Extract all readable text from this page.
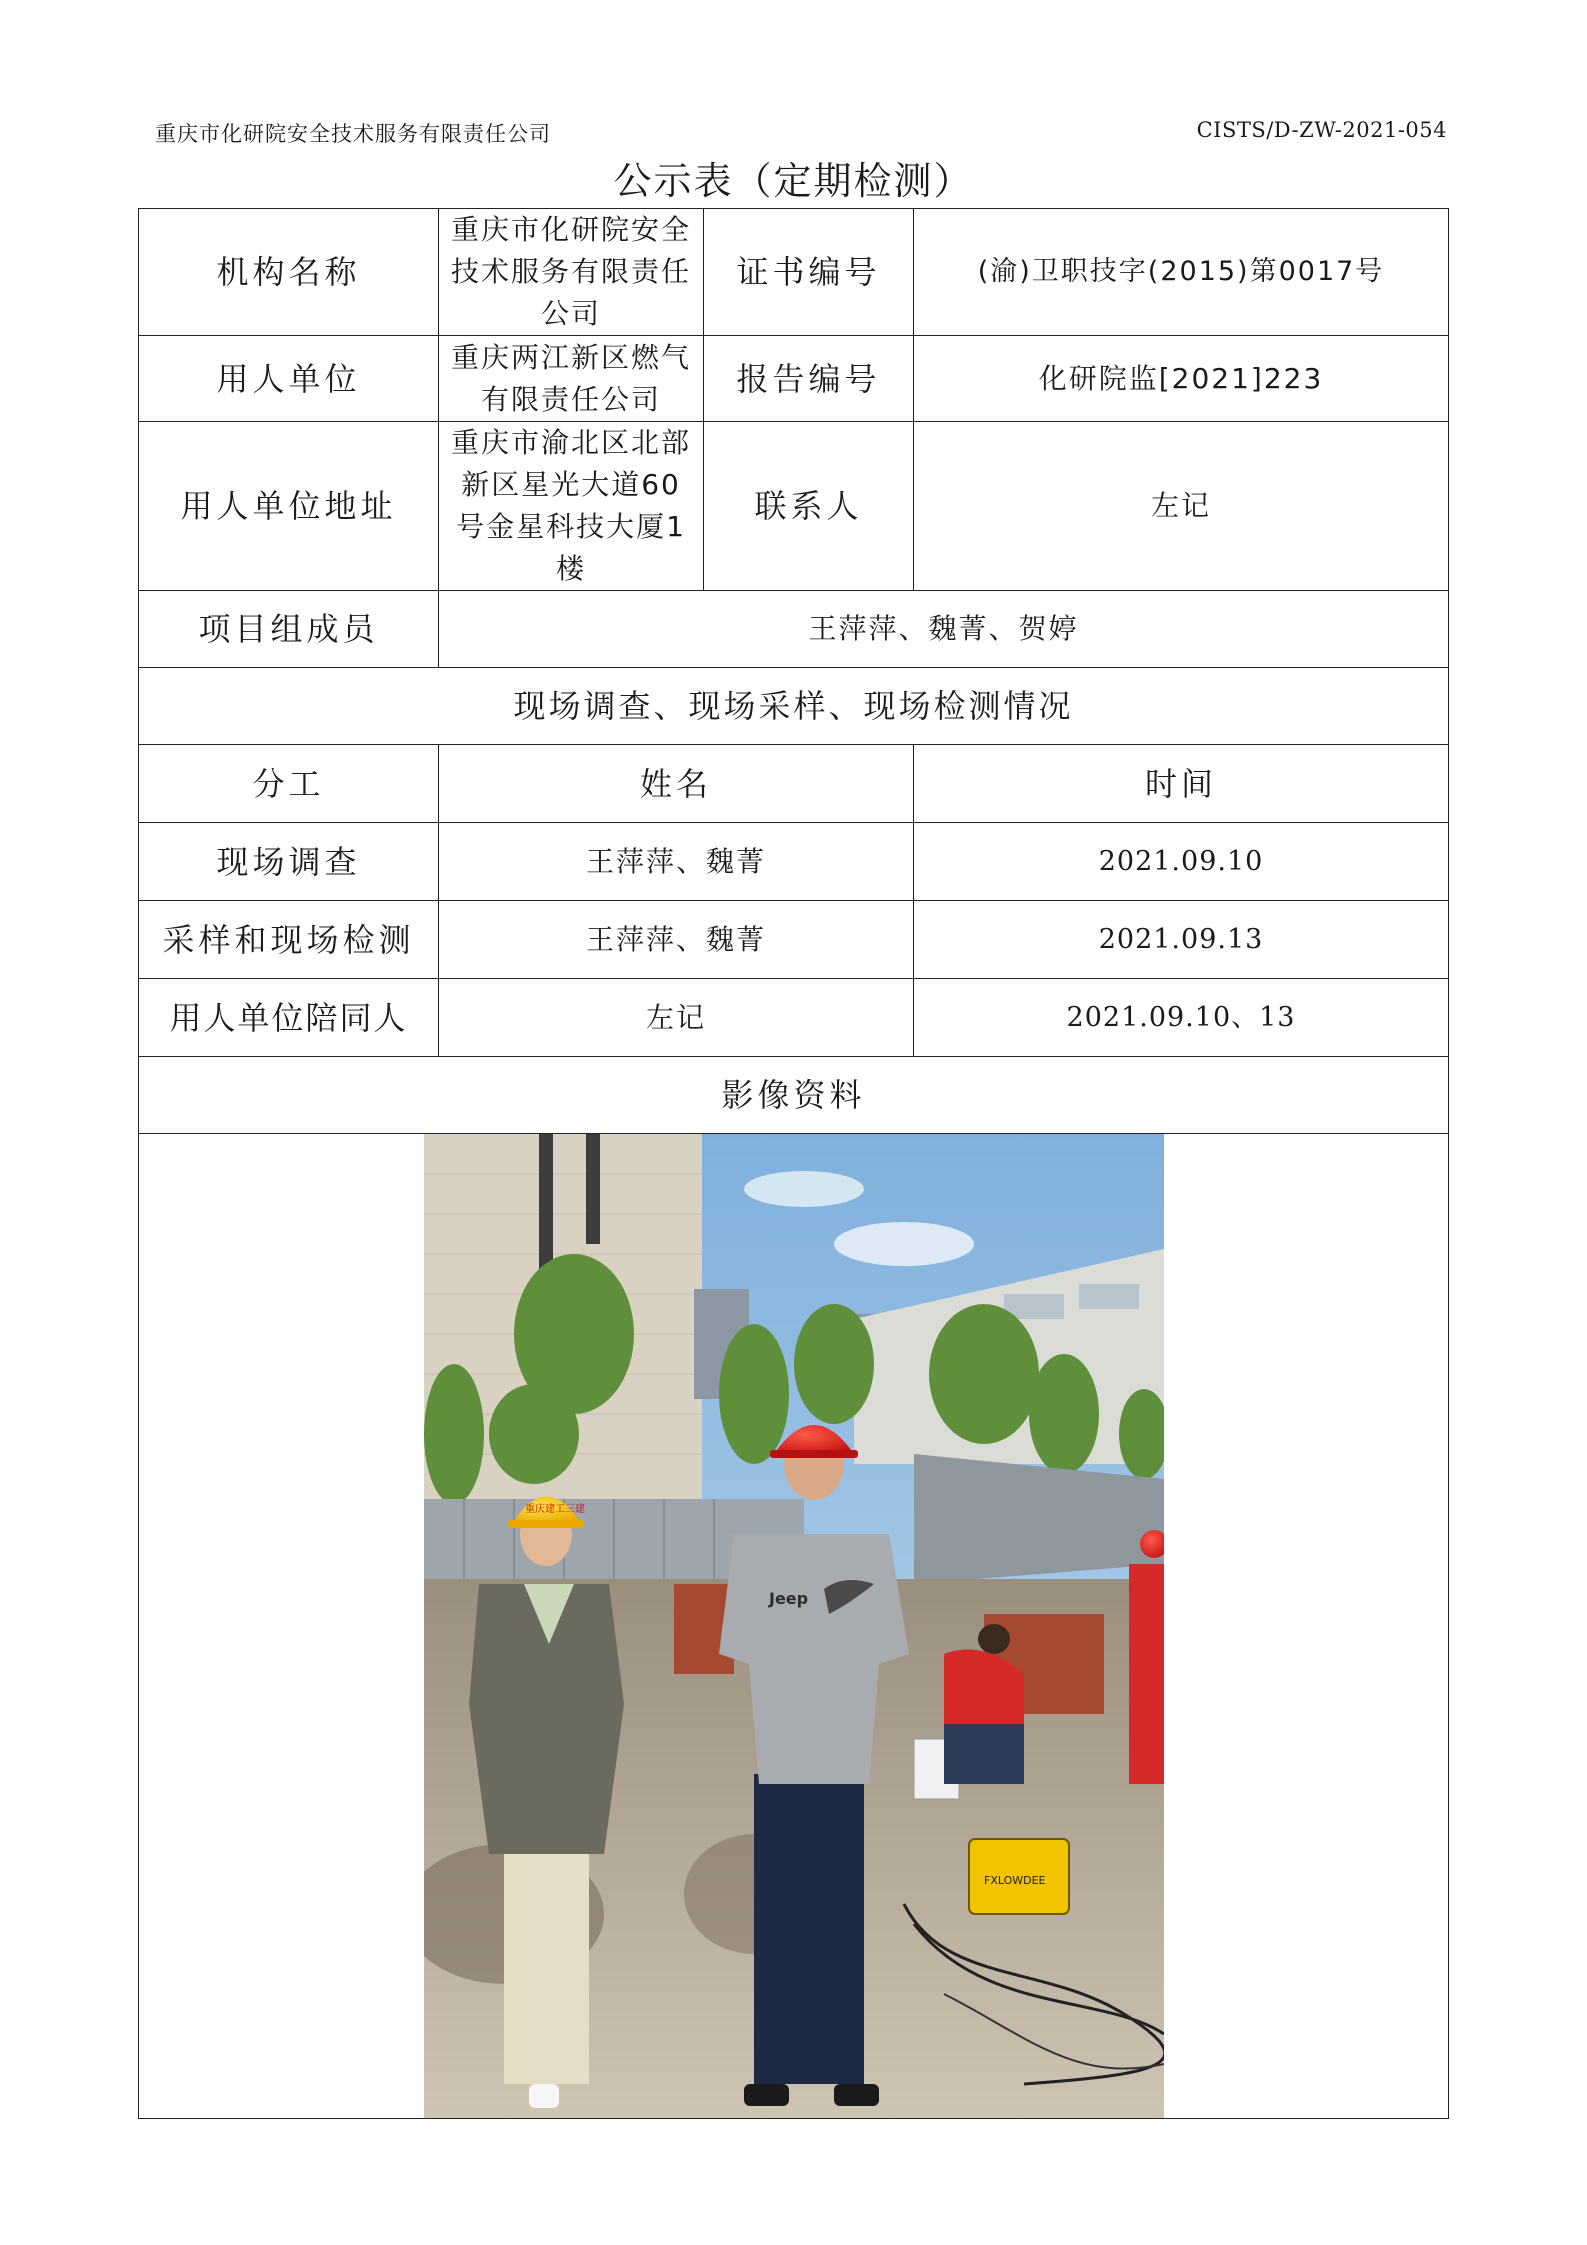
重庆市化研院安全技术服务有限责任公司	CISTS/D-ZW-2021-054
公示表（定期检测）
机构名称	重庆市化研院安全技术服务有限责任公司	证书编号	(渝)卫职技字(2015)第0017号
用人单位	重庆两江新区燃气有限责任公司	报告编号	化研院监[2021]223
用人单位地址	重庆市渝北区北部新区星光大道60号金星科技大厦1楼	联系人	左记
项目组成员	王萍萍、魏菁、贺婷		
现场调查、现场采样、现场检测情况			
分工	姓名		时间
现场调查	王萍萍、魏菁		2021.09.10
采样和现场检测	王萍萍、魏菁		2021.09.13
用人单位陪同人	左记		2021.09.10、13
影像资料			

FXLOWDEE
重庆建工三建
Jeep			
